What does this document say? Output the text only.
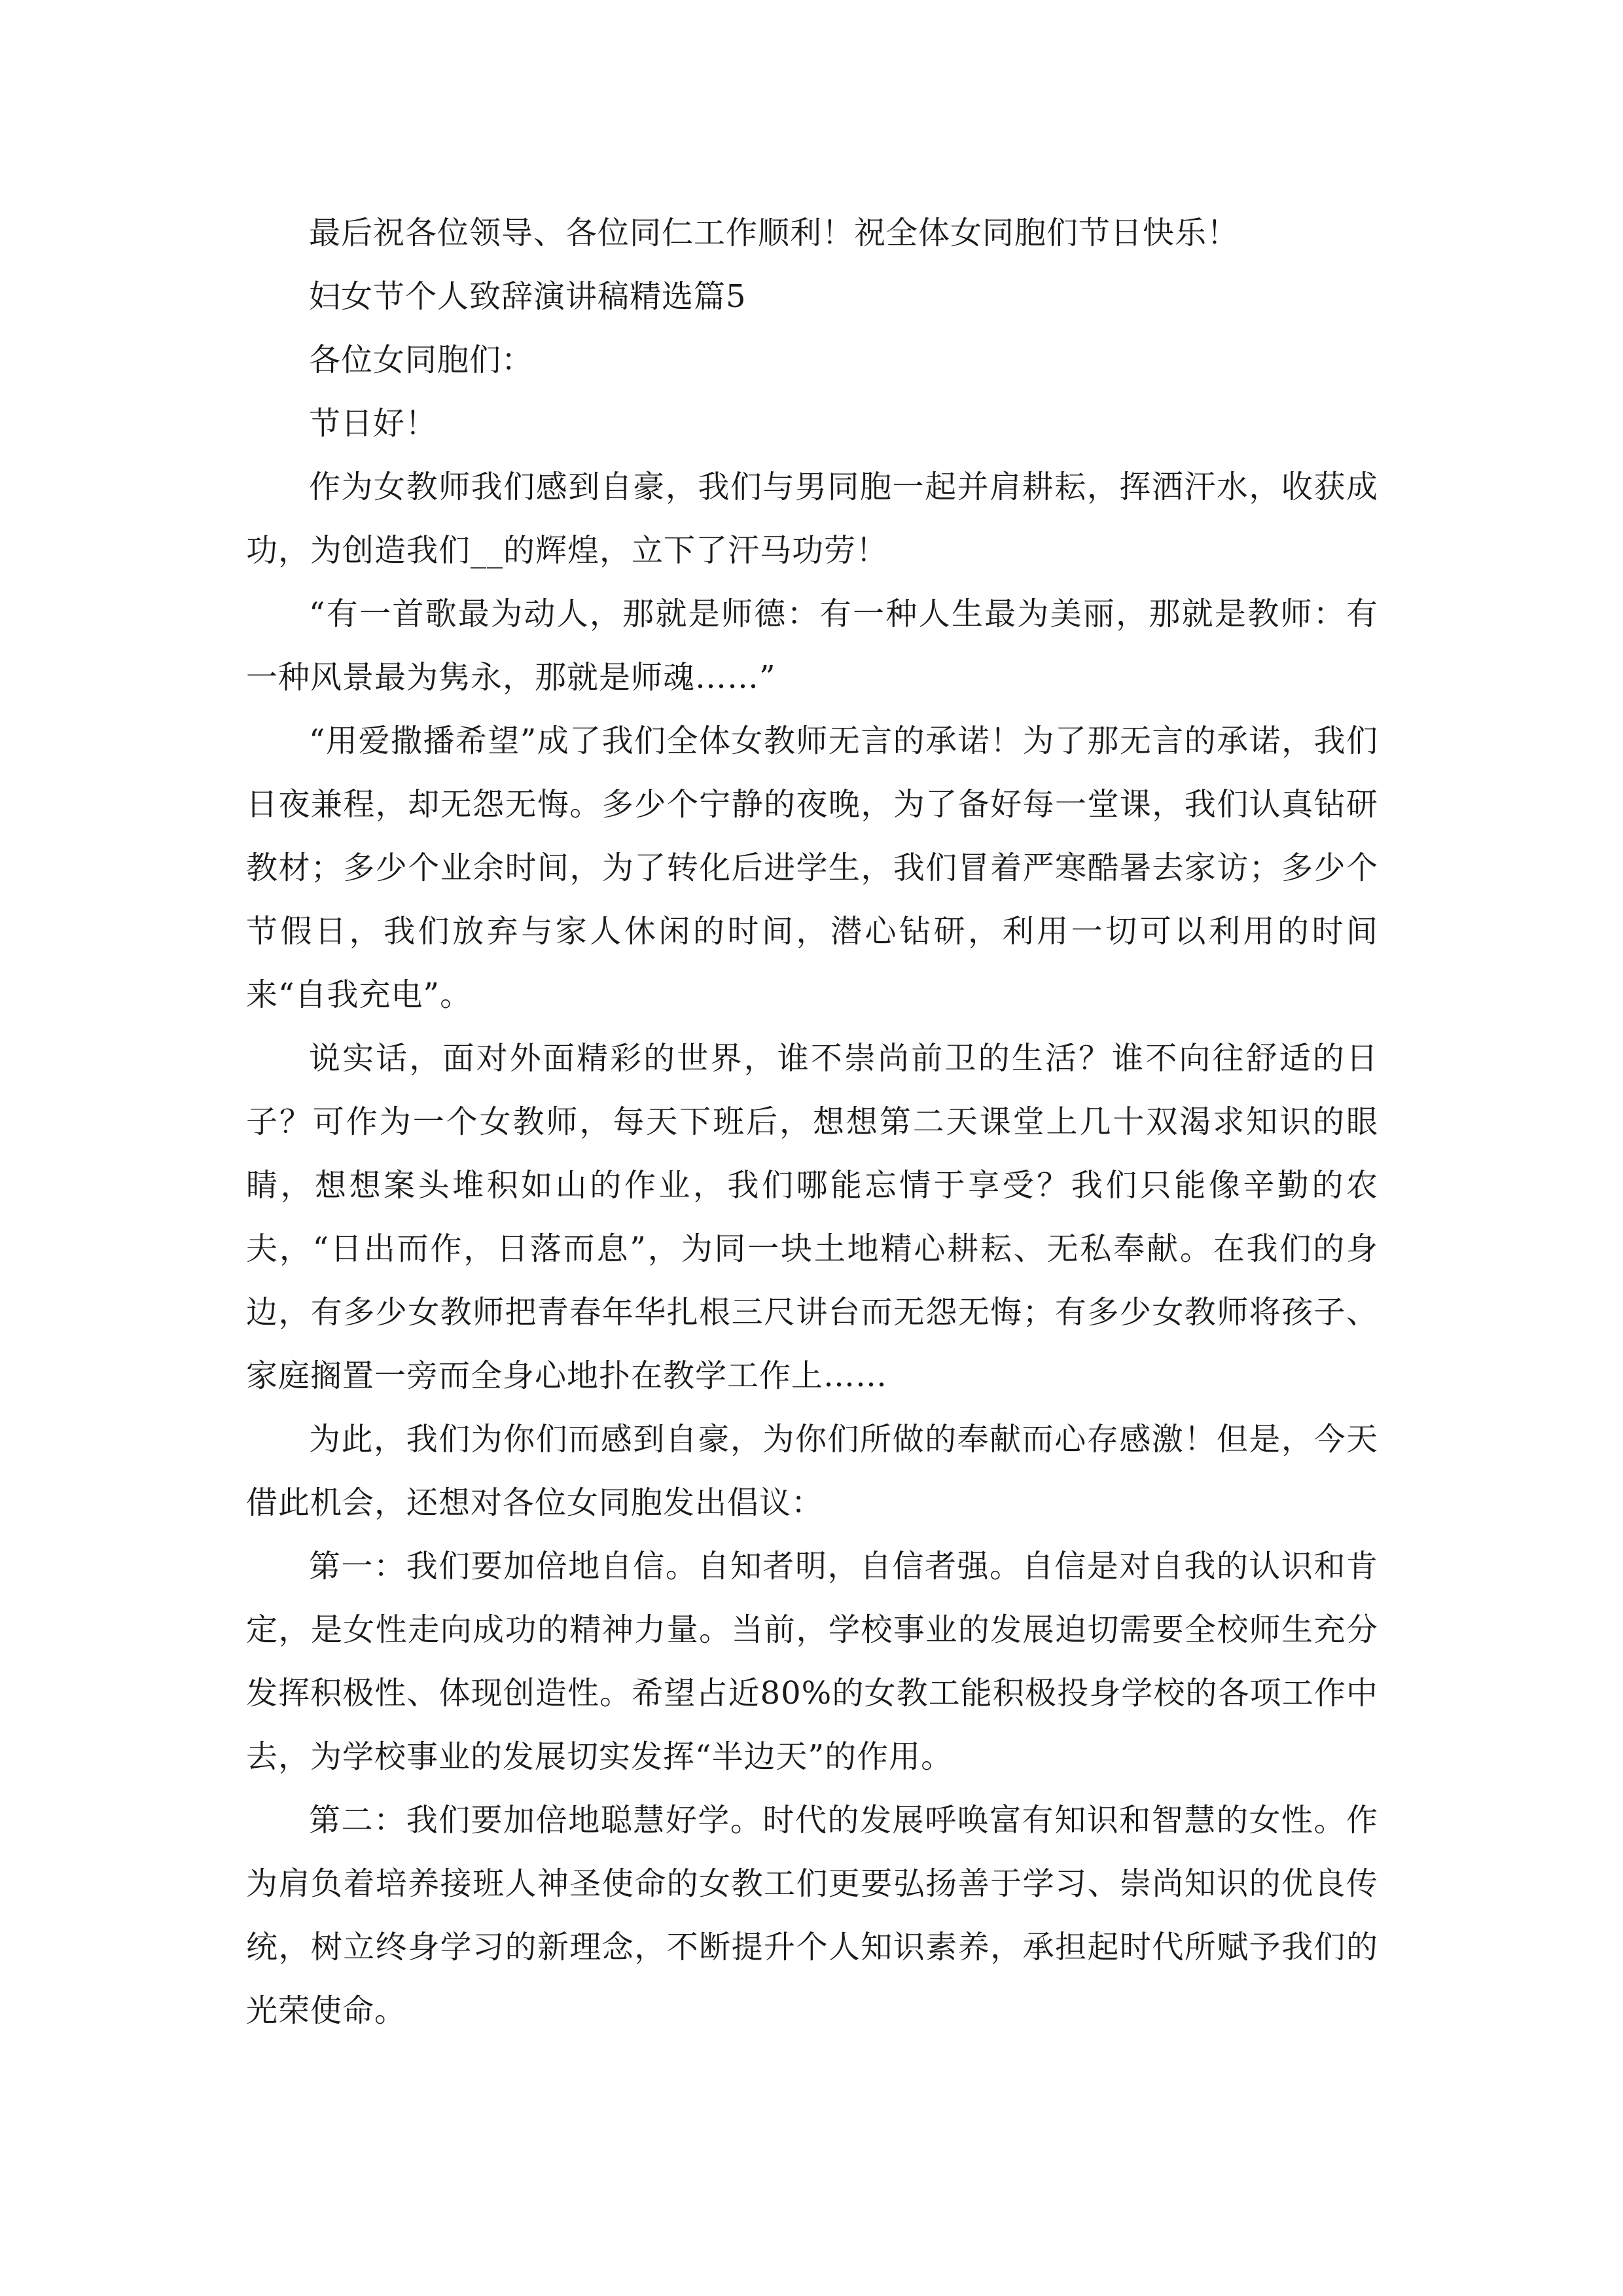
最后祝各位领导、各位同仁工作顺利！祝全体女同胞们节日快乐！

妇女节个人致辞演讲稿精选篇5

各位女同胞们：

节日好！

作为女教师我们感到自豪，我们与男同胞一起并肩耕耘，挥洒汗水，收获成功，为创造我们__的辉煌，立下了汗马功劳！

“有一首歌最为动人，那就是师德：有一种人生最为美丽，那就是教师：有一种风景最为隽永，那就是师魂……”

“用爱撒播希望”成了我们全体女教师无言的承诺！为了那无言的承诺，我们日夜兼程，却无怨无悔。多少个宁静的夜晚，为了备好每一堂课，我们认真钻研教材；多少个业余时间，为了转化后进学生，我们冒着严寒酷暑去家访；多少个节假日，我们放弃与家人休闲的时间，潜心钻研，利用一切可以利用的时间来“自我充电”。

说实话，面对外面精彩的世界，谁不崇尚前卫的生活？谁不向往舒适的日子？可作为一个女教师，每天下班后，想想第二天课堂上几十双渴求知识的眼睛，想想案头堆积如山的作业，我们哪能忘情于享受？我们只能像辛勤的农夫，“日出而作，日落而息”，为同一块土地精心耕耘、无私奉献。在我们的身边，有多少女教师把青春年华扎根三尺讲台而无怨无悔；有多少女教师将孩子、家庭搁置一旁而全身心地扑在教学工作上……

为此，我们为你们而感到自豪，为你们所做的奉献而心存感激！但是，今天借此机会，还想对各位女同胞发出倡议：

第一：我们要加倍地自信。自知者明，自信者强。自信是对自我的认识和肯定，是女性走向成功的精神力量。当前，学校事业的发展迫切需要全校师生充分发挥积极性、体现创造性。希望占近80%的女教工能积极投身学校的各项工作中去，为学校事业的发展切实发挥“半边天”的作用。

第二：我们要加倍地聪慧好学。时代的发展呼唤富有知识和智慧的女性。作为肩负着培养接班人神圣使命的女教工们更要弘扬善于学习、崇尚知识的优良传统，树立终身学习的新理念，不断提升个人知识素养，承担起时代所赋予我们的光荣使命。
